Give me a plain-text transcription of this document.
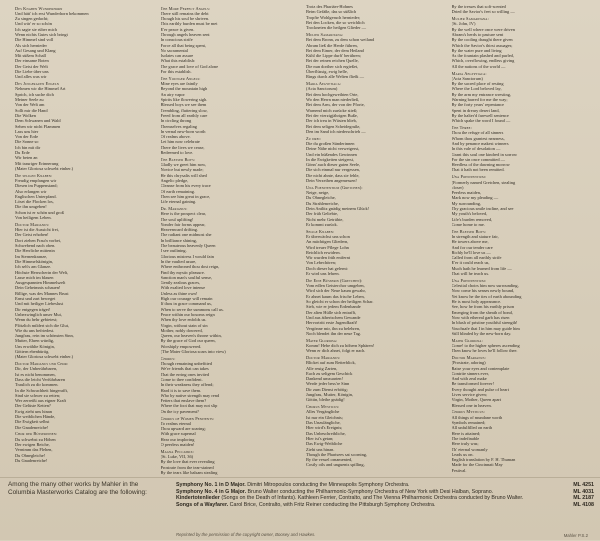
Des Knaben Wunderhorn
Und hätt' ich erst Wunderhorn bekommen
Zu singen gedacht;
Und wär' er so schön
Ich sagte sie rüber mich
Wenn nichts Gutes sich bringt
Die Himmel sind voll
Als sich hernieder
Auf Gesang und Klang
Mit süßem Schall
Der einsame Boten
Der Geist der Welt
Die Liebe über uns
Und alles was wir
Des Jungfrauen Engeln
Nehmen wir die Himmel Art
Sprich, ich suche dich
Meiner Seele zu
Von der Welt am
Sollt mir die Hand
Die Wolken
Dem Schwanen und Wald
Sehen wir nicht Flammen
Lass uns hier
Von der Erde
Die Sonne so
Ich bin mit dir
Du Erde
Wir beten an
Mit trauriger Erinnerung
(Mater Gloriosa schwebt einher.)
Die seligen Knaben:
Freudig empfangen wir
Diesen im Puppenstand;
Also erlangen wir
Englischen Unterpfand.
Löset die Flocken los,
Die ihn umgeben!
Schon ist er schön und groß
Von heiligem Leben.
Doctor Marianus:
Hier ist die Aussicht frei,
Der Geist erhoben!
Dort ziehen Frau'n vorbei,
Schwebend nach oben.
Die Herrliche mittenin
Im Sternenkranze,
Die Himmelskönigin,
Ich seh's am Glanze.
Höchste Herrscherin der Welt,
Lasse mich im blauen
Ausgespannten Himmelszelt
Dein Geheimnis schauen!
Billige, was des Mannes Brust
Ernst und zart beweget
Und mit heiliger Liebeslust
Dir entgegen träget!
Unbezwinglich unser Mut,
Wenn du hehr gebietest;
Plötzlich mildert sich die Glut,
Wie du uns befriedest.
Jungfrau, rein im schönsten Sinn,
Mutter, Ehren würdig,
Uns erwählte Königin,
Göttern ebenbürtig.
(Mater Gloriosa schwebt einher.)
Doctor Marianus und Chor:
Dir, der Unberührbaren,
Ist es nicht benommen,
Dass die leicht Verführbaren
Traulich zu dir kommen.
In die Schwachheit hingerafft,
Sind sie schwer zu retten;
Wer zerreißt aus eigner Kraft
Der Gelüste Ketten?
Ewig zieht uns hinan
Die weiblichen Hände,
Die Ewigkeit selbst
Die Gnadenreiche!
Chor der Büßerinnen:
Du schwebst zu Höhen
Der ewigen Reiche,
Vernimm das Flehen,
Du Ohnegleiche!
Du Gnadenreiche!
The More Perfect Angels:
There still remains the debt
Though his soul be shriven.
This earthly burden must be met
E'er peace is given.
Through angels heaven sent
In conscious strife
Force all that being spent,
No sacramental
Isolates can assure
What this establish:
The grace and love of God alone
For this establish.
The Younger Angels:
Mine eyes are faintly
Beyond the mountain high
An airy vapor
Spirits like flowering sigh.
Blessed boys we see them
Trembling, fluttering slow,
Freed from all earthly care
In circling throng
Themselves regaling
In vernal new-born worth
Of realms above.
Let him now celebrate
There the lives we cease,
Redeemed to love.
The Blessed Boys:
Gladly we greet him now,
Novice but newly made;
He this chrysalis will shed
Angelic pledge,
Cleanse from his every trace
Of earth remaining.
Then see him great in grace,
Life eternal gaining.
Dr. Marianus:
Here is the prospect clear,
The soul uplifting!
Yonder fair forms appear,
Heavenward drifting.
The radiant one midmost she
In brilliance shining,
The beauteous heavenly Queen
I see outlining.
Glorious mistress I would fain
In the vaulted azure,
Where enthroned thou dost reign,
Find thy mystic pleasure.
Sanction man's soulful sense,
Gently zealous graces,
With exalted love intense
Unless as thine own!
High our courage will remain
If thou in grace command us,
When to serve the summons call us.
Peace within our bosoms reign
When thy love enfolds us.
Virgin, without stain of sin
Mother, nobly dowered,
Queen, our heaven's throne within,
By the grace of God our queen,
Worshiply empowered.
(The Mater Gloriosa soars into view)
Chorus:
Though remaining unbefitted
We're friends that can takes
That the erring ones invited
Come to thee confident.
In their weakness they offend;
Hard it is to save them.
Who by native strength may rend
Fetters that enslave them?
Where the foot that may not slip
On the icy pavement?
Chorus of Women Penitents:
To realms eternal
Thou upward are soaring;
With grace supernal
Hear our imploring
O peerless maiden!
Magna Peccatrix:
(St. Luke, VII, 36)
By the love that ever revealing
Prostrate from the tear-stained
By the tears like balsam stealing
Trotz des Phariäer-Hohnes
Beim Gefäße, das so süßlich
Tropfte Wohlgeruch hernieder;
Bei den Locken, die so weichlich
Trockneten die heilgen Glieder —
Mulier Samaritana:
Bei dem Bronn, zu dem schon weiland
Abram ließ die Herde führen,
Bei dem Eimer, der dem Heiland
Kühl die Lippe durft' berühren;
Bei der reinen reichen Quelle,
Die nun dorther sich ergießet,
Überflüssig, ewig helle,
Rings durch alle Welten fließt —
Maria Aegyptiaca:
(Acta Sanctorum)
Bei dem hochgeweihten Orte,
Wo den Herrn man niederließ,
Bei dem Arm, der von der Pforte,
Warnend mich zurücke stieß;
Bei der vierzigjährigen Buße,
Der ich treu in Wüsten blieb,
Bei dem seligen Scheidegruße,
Den im Sand ich niederschrieb —
Zu drei:
Die du großen Sünderinnen
Deine Nähe nicht verweigerst,
Und ein büßendes Gewinnen
In die Ewigkeiten steigerst,
Gönn' auch dieser guten Seele,
Die sich einmal nur vergessen,
Die nicht ahnte, dass sie fehle,
Dein Verzeihen angemessen!
Una Poenitentium (Gretchen):
Neige, neige,
Du Ohnegleiche,
Du Strahlenreiche,
Dein Antlitz gnädig meinem Glück!
Der früh Geliebte,
Nicht mehr Getrübte,
Er kommt zurück.
Selige Knaben:
Er überwächst uns schon
An mächtigen Gliedern,
Wird treuer Pflege Lohn
Reichlich erwidern.
Wir wurden früh entfernt
Von Lebechören;
Doch dieser hat gelernt:
Er wird uns lehren.
Die Eine Büßerin (Gretchen):
Vom edlen Geisterchor umgeben,
Wird sich der Neue kaum gewahr,
Er ahnet kaum das frische Leben,
So gleicht er schon der heiligen Schar.
Sieh, wie er jedem Erdenbande
Der alten Hülle sich entrafft,
Und aus ätherischem Gewande
Hervortritt erste Jugendkraft!
Vergönne mir, ihn zu belehren,
Noch blendet ihn der neue Tag.
Mater Gloriosa:
Komm! Hebe dich zu höhern Sphären!
Wenn er dich ahnet, folgt er nach.
Doctor Marianus:
Blicket auf zum Retterblick,
Alle reuig Zarten,
Euch zu seligem Geschick
Dankend umzuarten!
Werde jeder bess're Sinn
Dir zum Dienst erbötig;
Jungfrau, Mutter, Königin,
Göttin, bleibe gnädig!
Chorus Mysticus:
Alles Vergängliche
Ist nur ein Gleichnis;
Das Unzulängliche,
Hier wird's Ereignis;
Das Unbeschreibliche,
Hier ist's getan;
Das Ewig-Weibliche
Zieht uns hinan.
Though the Pharisees sat scorning,
By the vessel ornamented,
Costly oils and unguents spilling,
By the tresses that soft-scented
Dried the Savior's feet so willing —
Mulier Samaritana:
(St. John, IV)
By the well where once were driven
Abram's herds to pasture sent
By the cooling draught there given
Which the Savior's thirst assuages;
By the water pure and living
As the fountain plashed and purled,
Which, overflowing, endless giving
All the nations of the world —
Maria Aegyptiaca:
(Acta Sanctorum)
By the sacred place of resting
Where the Lord beloved lay,
By the arm my entrance wresting,
Warning barred for me the way;
By the forty years' repentance
Spent in dreary desert land,
By the halter'd farewell sentence
Which spake the word I found —
The Three:
Thou the refuge of all sinners
Whom thou grantest nearness,
And by penance makest winners
In this vale of desolation —
Grant this soul one kindred in sorrow
For the sin once committed —
Heedless of the dawning morrow
That it hath not been remitted.
Una Poenitentium:
(Formerly named Gretchen, stealing
closer)
Peerless maiden,
Mark now my pleading —
My surrounding,
Thy gracious smile incline, and see
My youth's beloved,
Life's burden removed,
Come home to me.
The Blessed Boys:
In strength and stature fair,
He towers above me,
And for our tender care
Richly he'll love us —
Called from all earthly strife
E'er it could reach us,
Much hath he learned from life —
That will he teach us.
Una Poenitentium:
Celestial choirs him now surrounding,
Now come his senses newly bound,
Yet know he the ties of earth abounding
He is most holy appearance.
See, how he from his earthly prison
Emerging from the sheath of bond,
Now with ethereal garb has risen
In blush of pristine youthful strength!
Vouchsafe that I in him may guide him
Still blinded by the new-born day.
Mater Gloriosa:
Come! to the higher spheres ascending
Then know he loves he'll follow thee.
Doctor Marianus:
(Prostrate, adoring)
Raise your eyes and contemplate
Contrite sinners ever,
And with zeal make
Be transformed forever!
Every thought and pulse of heart
Lives service given;
Virgin, Mother, Queen apart
Blessed one in heaven.
Chorus Mysticus:
All things of mundane worth
Symbols remained;
All unfulfilled on earth
Here is attained;
The indefinable
Here truly was;
Th' eternal womanly
Leads us on.
English translation by F. H. Thuman
Made for the Cincinnati May
Festival.
Among the many other works by Mahler in the Columbia Masterworks Catalog are the following:
Symphony No. 1 in D Major. Dimitri Mitropoulos conducting the Minneapolis Symphony Orchestra.	ML 4251
Symphony No. 4 in G Major. Bruno Walter conducting the Philharmonic-Symphony Orchestra of New York with Desi Halban, Soprano.	ML 4031
Kindertotenlieder (Songs on the Death of Infants). Kathleen Ferrier, Contralto, and The Vienna Philharmonic Orchestra conducted by Bruno Walter.	ML 2187
Songs of a Wayfarer. Carol Brice, Contralto, with Fritz Reiner conducting the Pittsburgh Symphony Orchestra.	ML 4108
Reprinted by the permission of the copyright owner, Boosey and Hawkes.	Mahler P.S.2
